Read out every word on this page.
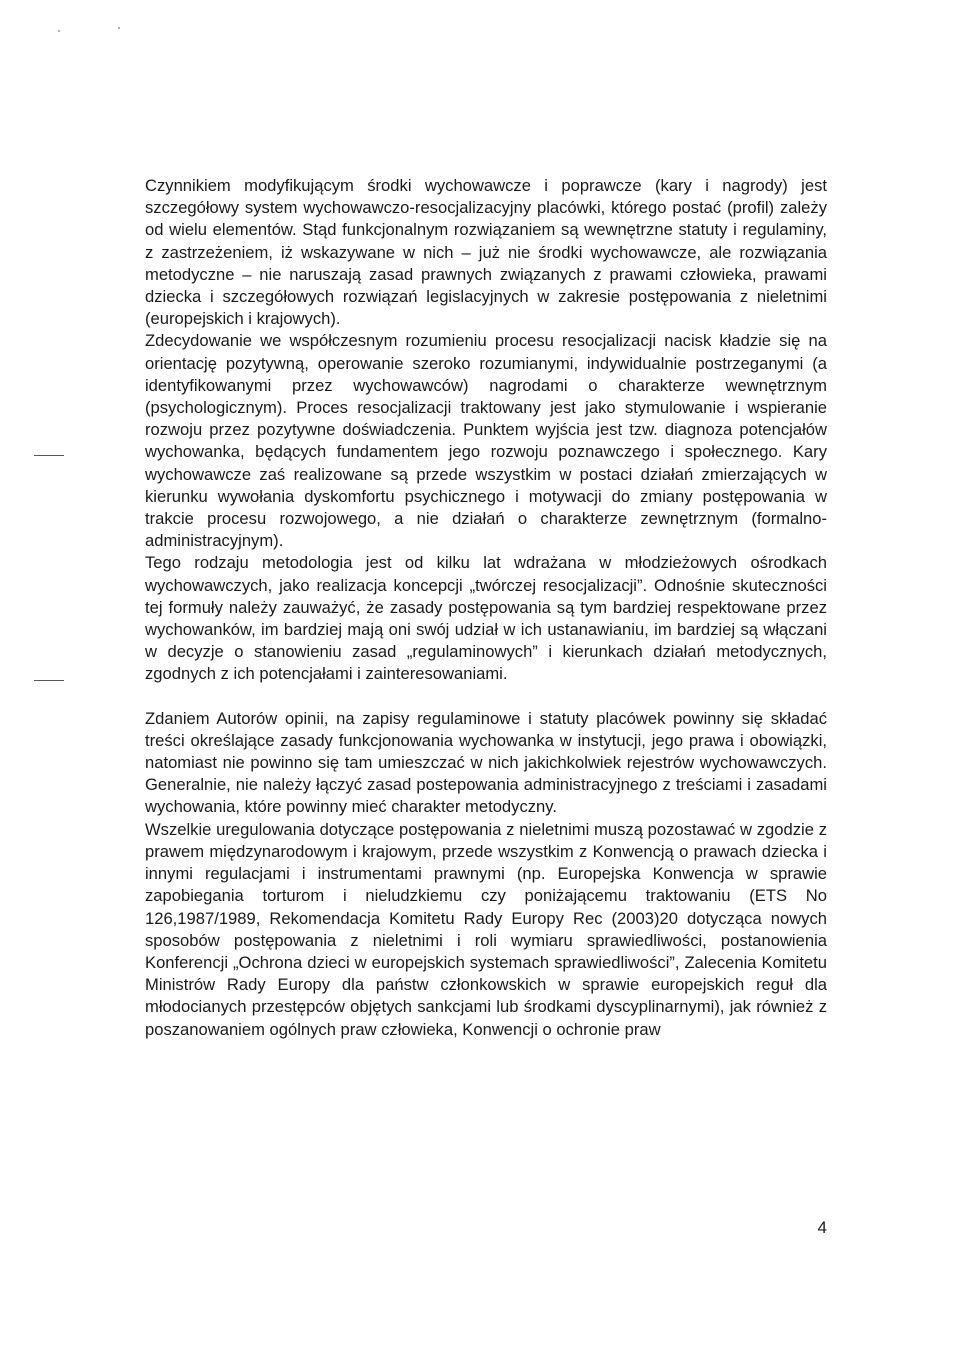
Czynnikiem modyfikującym środki wychowawcze i poprawcze (kary i nagrody) jest szczegółowy system wychowawczo-resocjalizacyjny placówki, którego postać (profil) zależy od wielu elementów. Stąd funkcjonalnym rozwiązaniem są wewnętrzne statuty i regulaminy, z zastrzeżeniem, iż wskazywane w nich – już nie środki wychowawcze, ale rozwiązania metodyczne – nie naruszają zasad prawnych związanych z prawami człowieka, prawami dziecka i szczegółowych rozwiązań legislacyjnych w zakresie postępowania z nieletnimi (europejskich i krajowych).

Zdecydowanie we współczesnym rozumieniu procesu resocjalizacji nacisk kładzie się na orientację pozytywną, operowanie szeroko rozumianymi, indywidualnie postrzeganymi (a identyfikowanymi przez wychowawców) nagrodami o charakterze wewnętrznym (psychologicznym). Proces resocjalizacji traktowany jest jako stymulowanie i wspieranie rozwoju przez pozytywne doświadczenia. Punktem wyjścia jest tzw. diagnoza potencjałów wychowanka, będących fundamentem jego rozwoju poznawczego i społecznego. Kary wychowawcze zaś realizowane są przede wszystkim w postaci działań zmierzających w kierunku wywołania dyskomfortu psychicznego i motywacji do zmiany postępowania w trakcie procesu rozwojowego, a nie działań o charakterze zewnętrznym (formalno-administracyjnym).

Tego rodzaju metodologia jest od kilku lat wdrażana w młodzieżowych ośrodkach wychowawczych, jako realizacja koncepcji „twórczej resocjalizacji”. Odnośnie skuteczności tej formuły należy zauważyć, że zasady postępowania są tym bardziej respektowane przez wychowanków, im bardziej mają oni swój udział w ich ustanawianiu, im bardziej są włączani w decyzje o stanowieniu zasad „regulaminowych” i kierunkach działań metodycznych, zgodnych z ich potencjałami i zainteresowaniami.

Zdaniem Autorów opinii, na zapisy regulaminowe i statuty placówek powinny się składać treści określające zasady funkcjonowania wychowanka w instytucji, jego prawa i obowiązki, natomiast nie powinno się tam umieszczać w nich jakichkolwiek rejestrów wychowawczych. Generalnie, nie należy łączyć zasad postepowania administracyjnego z treściami i zasadami wychowania, które powinny mieć charakter metodyczny.

Wszelkie uregulowania dotyczące postępowania z nieletnimi muszą pozostawać w zgodzie z prawem międzynarodowym i krajowym, przede wszystkim z Konwencją o prawach dziecka i innymi regulacjami i instrumentami prawnymi (np. Europejska Konwencja w sprawie zapobiegania torturom i nieludzkiemu czy poniżającemu traktowaniu (ETS No 126,1987/1989, Rekomendacja Komitetu Rady Europy Rec (2003)20 dotycząca nowych sposobów postępowania z nieletnimi i roli wymiaru sprawiedliwości, postanowienia Konferencji „Ochrona dzieci w europejskich systemach sprawiedliwości”, Zalecenia Komitetu Ministrów Rady Europy dla państw członkowskich w sprawie europejskich reguł dla młodocianych przestępców objętych sankcjami lub środkami dyscyplinarnymi), jak również z poszanowaniem ogólnych praw człowieka, Konwencji o ochronie praw

4
